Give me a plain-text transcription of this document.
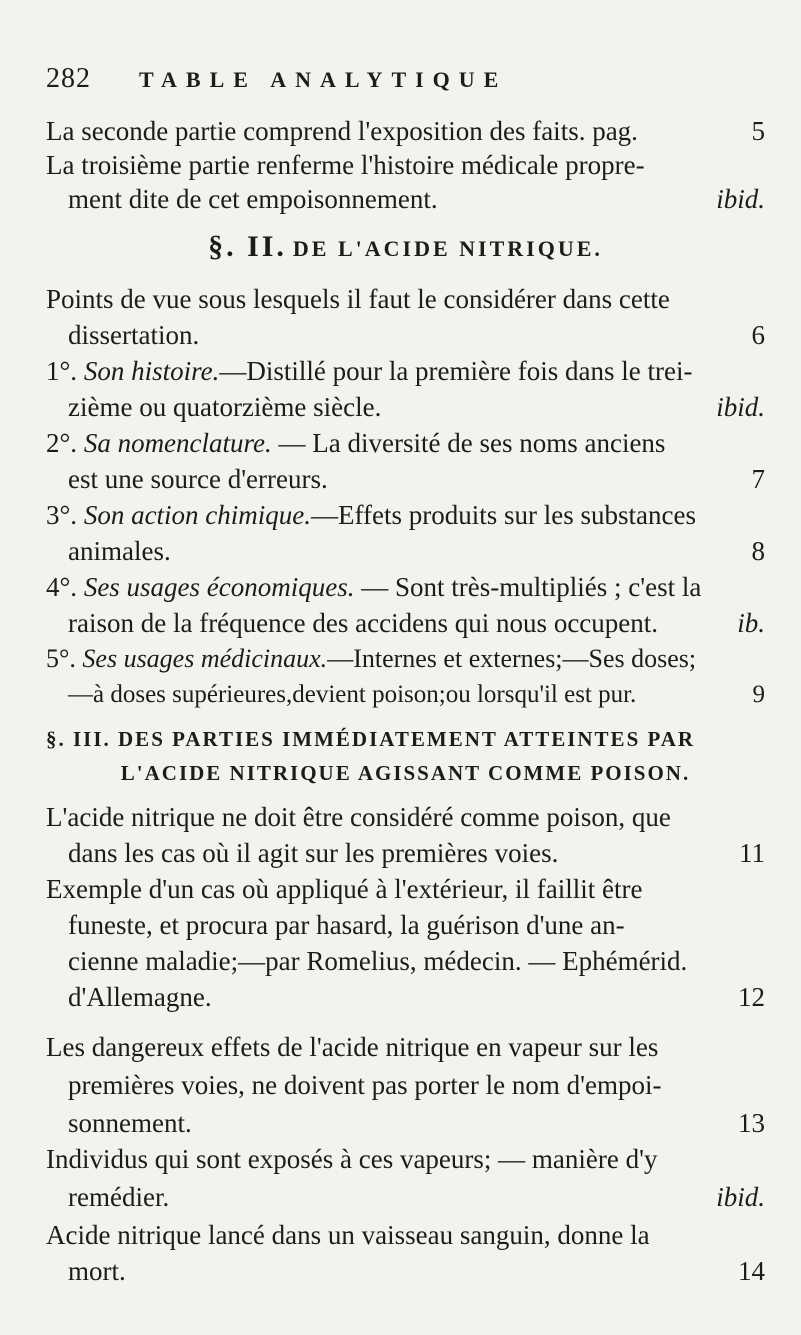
282 TABLE ANALYTIQUE
La seconde partie comprend l'exposition des faits. pag.	5
La troisième partie renferme l'histoire médicale propre-
ment dite de cet empoisonnement.	ibid.
§. II. DE L'ACIDE NITRIQUE.
Points de vue sous lesquels il faut le considérer dans cette
dissertation.	6
1°. Son histoire.—Distillé pour la première fois dans le trei-
zième ou quatorzième siècle.	ibid.
2°. Sa nomenclature. — La diversité de ses noms anciens
est une source d'erreurs.	7
3°. Son action chimique.—Effets produits sur les substances
animales.	8
4°. Ses usages économiques. — Sont très-multipliés ; c'est la
raison de la fréquence des accidens qui nous occupent.	ib.
5°. Ses usages médicinaux.—Internes et externes;—Ses doses;
—à doses supérieures,devient poison;ou lorsqu'il est pur.	9
§. III. DES PARTIES IMMÉDIATEMENT ATTEINTES PAR
L'ACIDE NITRIQUE AGISSANT COMME POISON.
L'acide nitrique ne doit être considéré comme poison, que
dans les cas où il agit sur les premières voies.	11
Exemple d'un cas où appliqué à l'extérieur, il faillit être
funeste, et procura par hasard, la guérison d'une an-
cienne maladie;—par Romelius, médecin. — Ephémérid.
d'Allemagne.	12
Les dangereux effets de l'acide nitrique en vapeur sur les
premières voies, ne doivent pas porter le nom d'empoi-
sonnement.	13
Individus qui sont exposés à ces vapeurs; — manière d'y
remédier.	ibid.
Acide nitrique lancé dans un vaisseau sanguin, donne la
mort.	14
